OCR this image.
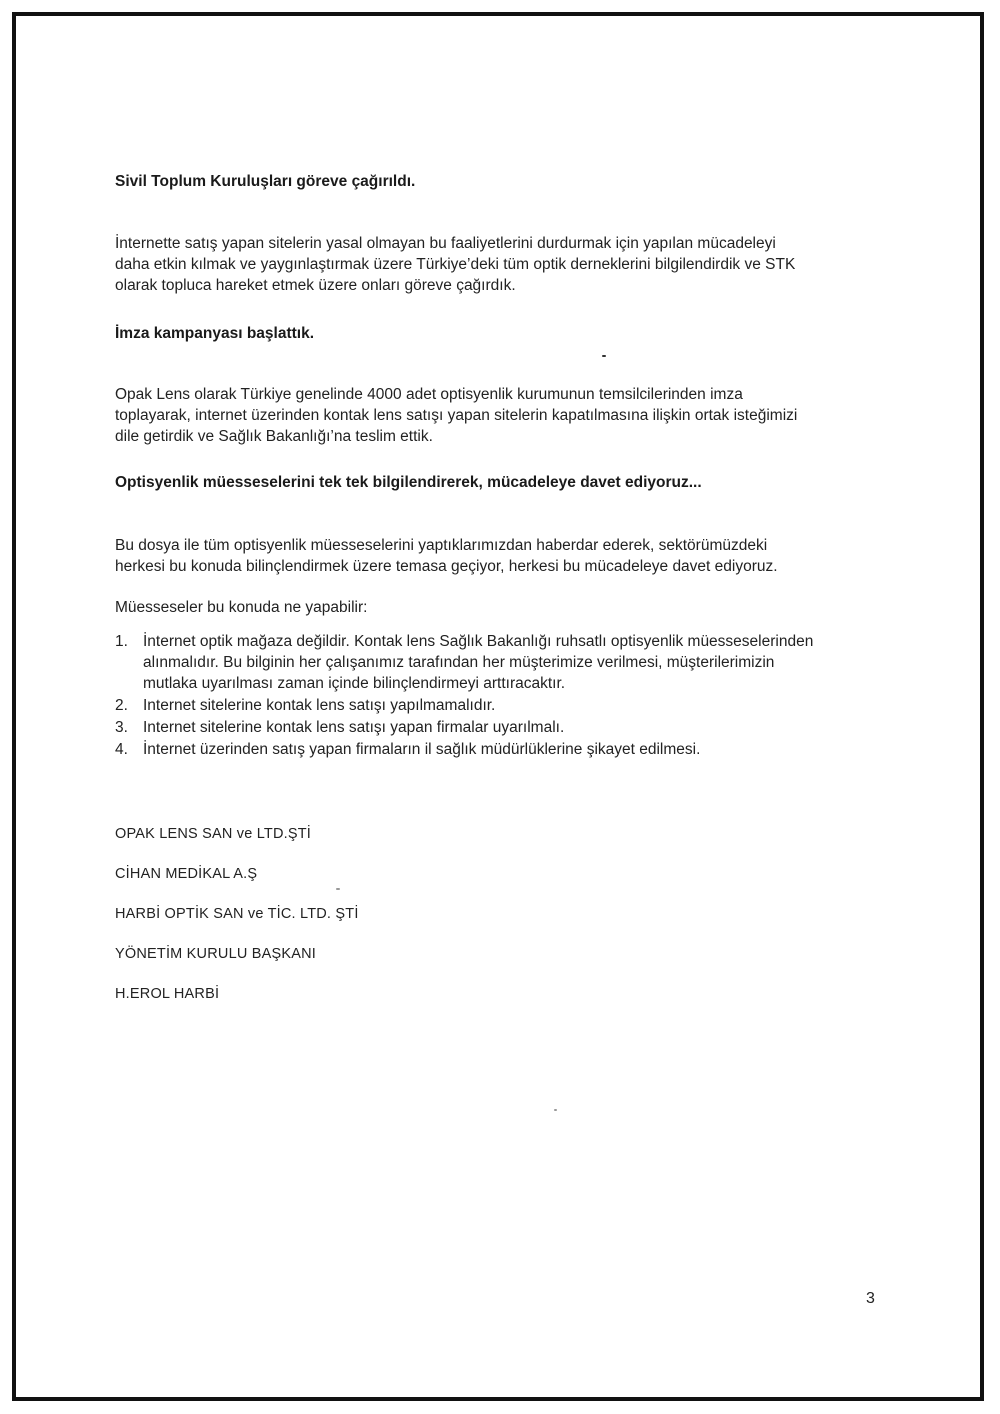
Sivil Toplum Kuruluşları göreve çağırıldı.
İnternette satış yapan sitelerin yasal olmayan bu faaliyetlerini durdurmak için yapılan mücadeleyi
daha etkin kılmak ve yaygınlaştırmak üzere Türkiye’deki tüm optik derneklerini bilgilendirdik ve STK
olarak topluca hareket etmek üzere onları göreve çağırdık.
İmza kampanyası başlattık.
Opak Lens olarak Türkiye genelinde 4000 adet optisyenlik kurumunun temsilcilerinden imza
toplayarak, internet üzerinden kontak lens satışı yapan sitelerin kapatılmasına ilişkin ortak isteğimizi
dile getirdik ve Sağlık Bakanlığı’na teslim ettik.
Optisyenlik müesseselerini tek tek bilgilendirerek, mücadeleye davet ediyoruz...
Bu dosya ile tüm optisyenlik müesseselerini yaptıklarımızdan haberdar ederek, sektörümüzdeki
herkesi bu konuda bilinçlendirmek üzere temasa geçiyor, herkesi bu mücadeleye davet ediyoruz.
Müesseseler bu konuda ne yapabilir:
1. İnternet optik mağaza değildir. Kontak lens Sağlık Bakanlığı ruhsatlı optisyenlik müesseselerinden
alınmalıdır. Bu bilginin her çalışanımız tarafından her müşterimize verilmesi, müşterilerimizin
mutlaka uyarılması zaman içinde bilinçlendirmeyi arttıracaktır.
2. Internet sitelerine kontak lens satışı yapılmamalıdır.
3. Internet sitelerine kontak lens satışı yapan firmalar uyarılmalı.
4. İnternet üzerinden satış yapan firmaların il sağlık müdürlüklerine şikayet edilmesi.
OPAK LENS SAN ve LTD.ŞTİ
CİHAN MEDİKAL A.Ş
HARBİ OPTİK SAN ve TİC. LTD. ŞTİ
YÖNETİM KURULU BAŞKANI
H.EROL HARBİ
3
